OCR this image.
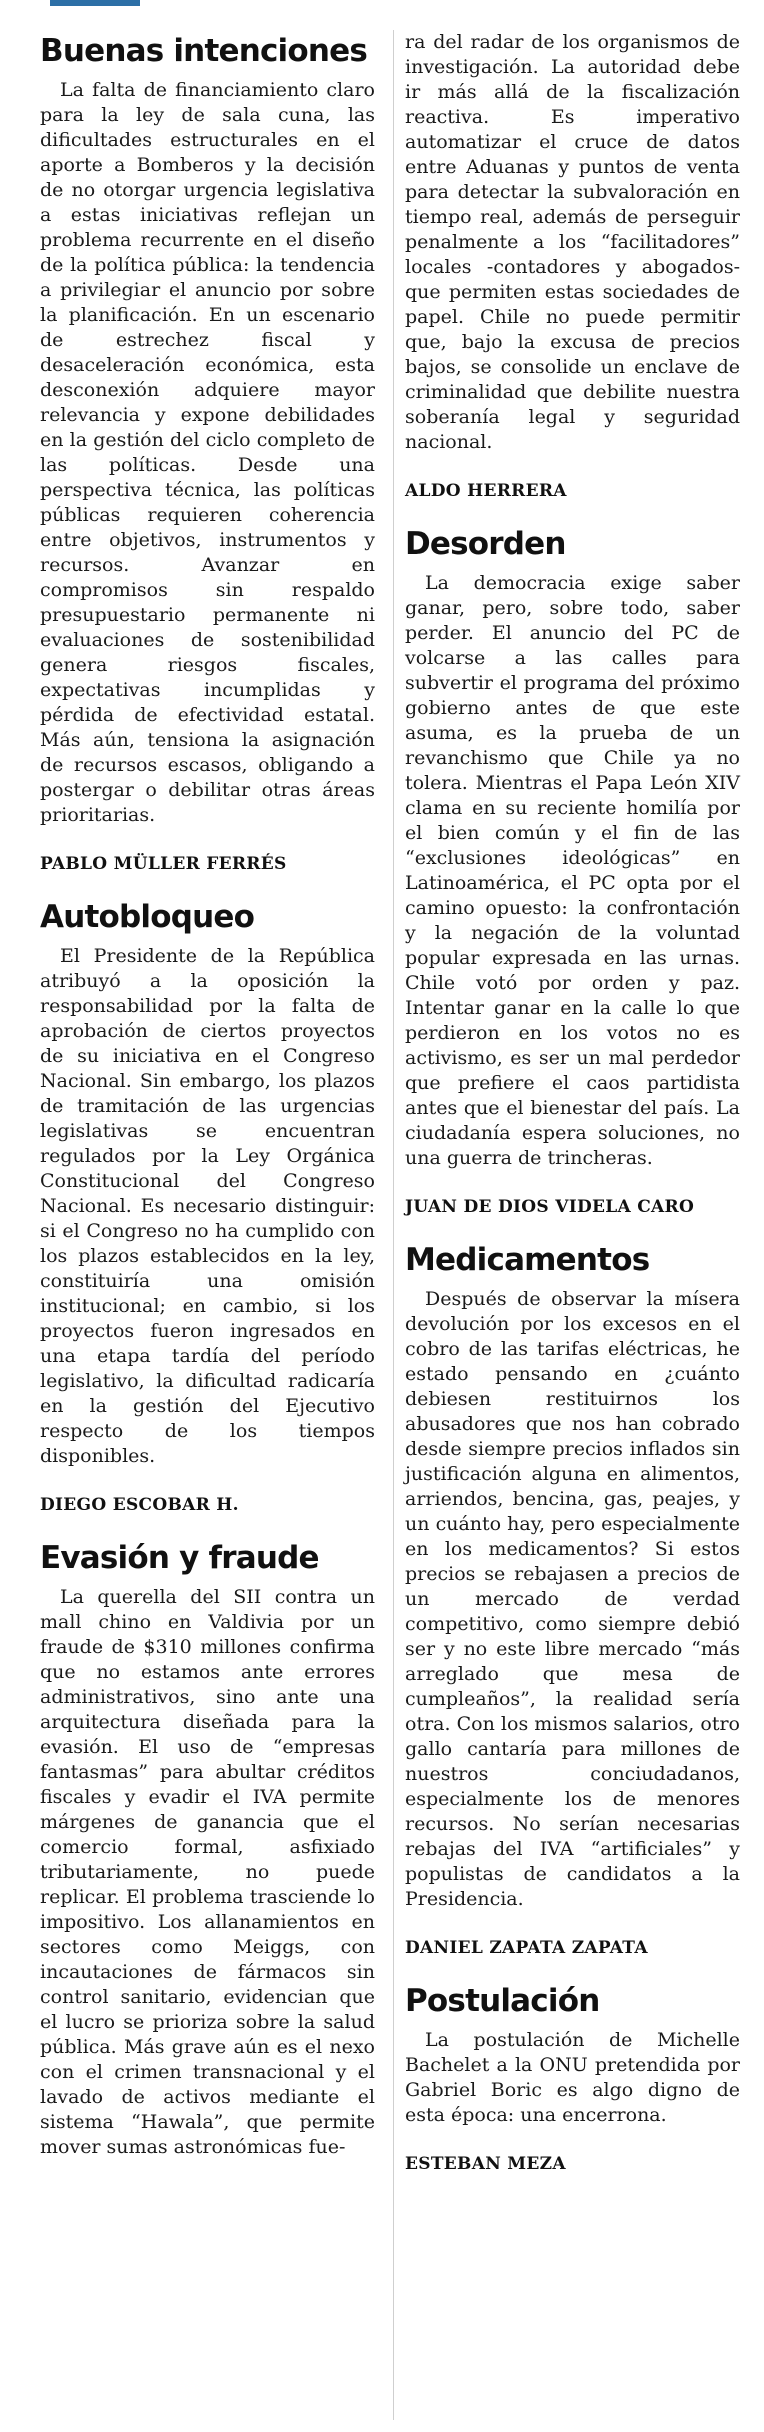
Buenas intenciones

La falta de financiamiento claro para la ley de sala cuna, las dificultades estructurales en el aporte a Bomberos y la decisión de no otorgar urgencia legislativa a estas iniciativas reflejan un problema recurrente en el diseño de la política pública: la tendencia a privilegiar el anuncio por sobre la planificación. En un escenario de estrechez fiscal y desaceleración económica, esta desconexión adquiere mayor relevancia y expone debilidades en la gestión del ciclo completo de las políticas. Desde una perspectiva técnica, las políticas públicas requieren coherencia entre objetivos, instrumentos y recursos. Avanzar en compromisos sin respaldo presupuestario permanente ni evaluaciones de sostenibilidad genera riesgos fiscales, expectativas incumplidas y pérdida de efectividad estatal. Más aún, tensiona la asignación de recursos escasos, obligando a postergar o debilitar otras áreas prioritarias.

PABLO MÜLLER FERRÉS
Autobloqueo

El Presidente de la República atribuyó a la oposición la responsabilidad por la falta de aprobación de ciertos proyectos de su iniciativa en el Congreso Nacional. Sin embargo, los plazos de tramitación de las urgencias legislativas se encuentran regulados por la Ley Orgánica Constitucional del Congreso Nacional. Es necesario distinguir: si el Congreso no ha cumplido con los plazos establecidos en la ley, constituiría una omisión institucional; en cambio, si los proyectos fueron ingresados en una etapa tardía del período legislativo, la dificultad radicaría en la gestión del Ejecutivo respecto de los tiempos disponibles.

DIEGO ESCOBAR H.
Evasión y fraude

La querella del SII contra un mall chino en Valdivia por un fraude de $310 millones confirma que no estamos ante errores administrativos, sino ante una arquitectura diseñada para la evasión. El uso de “empresas fantasmas” para abultar créditos fiscales y evadir el IVA permite márgenes de ganancia que el comercio formal, asfixiado tributariamente, no puede replicar. El problema trasciende lo impositivo. Los allanamientos en sectores como Meiggs, con incautaciones de fármacos sin control sanitario, evidencian que el lucro se prioriza sobre la salud pública. Más grave aún es el nexo con el crimen transnacional y el lavado de activos mediante el sistema “Hawala”, que permite mover sumas astronómicas fue-

ra del radar de los organismos de investigación. La autoridad debe ir más allá de la fiscalización reactiva. Es imperativo automatizar el cruce de datos entre Aduanas y puntos de venta para detectar la subvaloración en tiempo real, además de perseguir penalmente a los “facilitadores” locales -contadores y abogados- que permiten estas sociedades de papel. Chile no puede permitir que, bajo la excusa de precios bajos, se consolide un enclave de criminalidad que debilite nuestra soberanía legal y seguridad nacional.

ALDO HERRERA
Desorden

La democracia exige saber ganar, pero, sobre todo, saber perder. El anuncio del PC de volcarse a las calles para subvertir el programa del próximo gobierno antes de que este asuma, es la prueba de un revanchismo que Chile ya no tolera. Mientras el Papa León XIV clama en su reciente homilía por el bien común y el fin de las “exclusiones ideológicas” en Latinoamérica, el PC opta por el camino opuesto: la confrontación y la negación de la voluntad popular expresada en las urnas. Chile votó por orden y paz. Intentar ganar en la calle lo que perdieron en los votos no es activismo, es ser un mal perdedor que prefiere el caos partidista antes que el bienestar del país. La ciudadanía espera soluciones, no una guerra de trincheras.

JUAN DE DIOS VIDELA CARO
Medicamentos

Después de observar la mísera devolución por los excesos en el cobro de las tarifas eléctricas, he estado pensando en ¿cuánto debiesen restituirnos los abusadores que nos han cobrado desde siempre precios inflados sin justificación alguna en alimentos, arriendos, bencina, gas, peajes, y un cuánto hay, pero especialmente en los medicamentos? Si estos precios se rebajasen a precios de un mercado de verdad competitivo, como siempre debió ser y no este libre mercado “más arreglado que mesa de cumpleaños”, la realidad sería otra. Con los mismos salarios, otro gallo cantaría para millones de nuestros conciudadanos, especialmente los de menores recursos. No serían necesarias rebajas del IVA “artificiales” y populistas de candidatos a la Presidencia.

DANIEL ZAPATA ZAPATA
Postulación

La postulación de Michelle Bachelet a la ONU pretendida por Gabriel Boric es algo digno de esta época: una encerrona.

ESTEBAN MEZA
